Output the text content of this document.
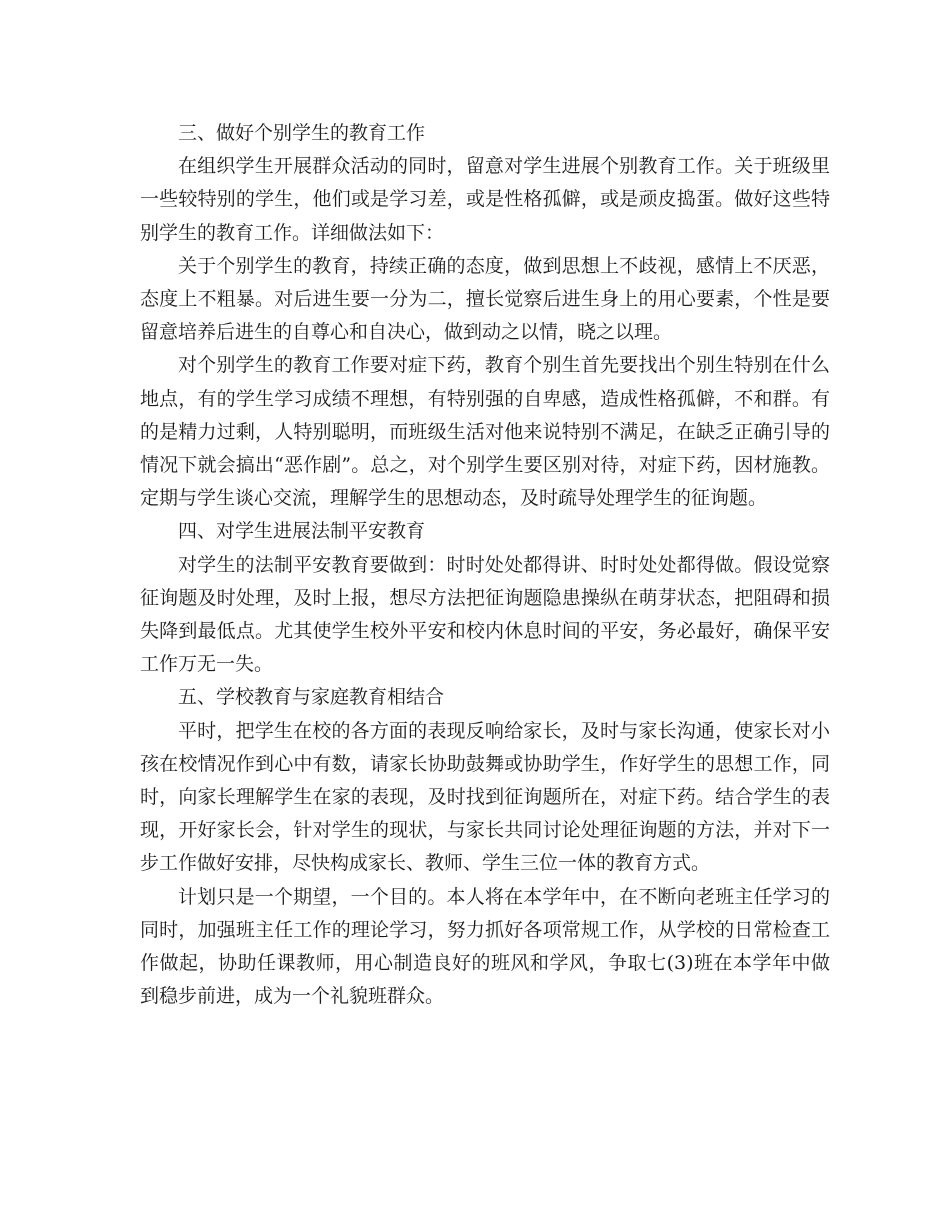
三、做好个别学生的教育工作

在组织学生开展群众活动的同时，留意对学生进展个别教育工作。关于班级里一些较特别的学生，他们或是学习差，或是性格孤僻，或是顽皮捣蛋。做好这些特别学生的教育工作。详细做法如下：

关于个别学生的教育，持续正确的态度，做到思想上不歧视，感情上不厌恶，态度上不粗暴。对后进生要一分为二，擅长觉察后进生身上的用心要素，个性是要留意培养后进生的自尊心和自决心，做到动之以情，晓之以理。

对个别学生的教育工作要对症下药，教育个别生首先要找出个别生特别在什么地点，有的学生学习成绩不理想，有特别强的自卑感，造成性格孤僻，不和群。有的是精力过剩，人特别聪明，而班级生活对他来说特别不满足，在缺乏正确引导的情况下就会搞出“恶作剧”。总之，对个别学生要区别对待，对症下药，因材施教。定期与学生谈心交流，理解学生的思想动态，及时疏导处理学生的征询题。

四、对学生进展法制平安教育

对学生的法制平安教育要做到：时时处处都得讲、时时处处都得做。假设觉察征询题及时处理，及时上报，想尽方法把征询题隐患操纵在萌芽状态，把阻碍和损失降到最低点。尤其使学生校外平安和校内休息时间的平安，务必最好，确保平安工作万无一失。

五、学校教育与家庭教育相结合

平时，把学生在校的各方面的表现反响给家长，及时与家长沟通，使家长对小孩在校情况作到心中有数，请家长协助鼓舞或协助学生，作好学生的思想工作，同时，向家长理解学生在家的表现，及时找到征询题所在，对症下药。结合学生的表现，开好家长会，针对学生的现状，与家长共同讨论处理征询题的方法，并对下一步工作做好安排，尽快构成家长、教师、学生三位一体的教育方式。

计划只是一个期望，一个目的。本人将在本学年中，在不断向老班主任学习的同时，加强班主任工作的理论学习，努力抓好各项常规工作，从学校的日常检查工作做起，协助任课教师，用心制造良好的班风和学风，争取七(3)班在本学年中做到稳步前进，成为一个礼貌班群众。
